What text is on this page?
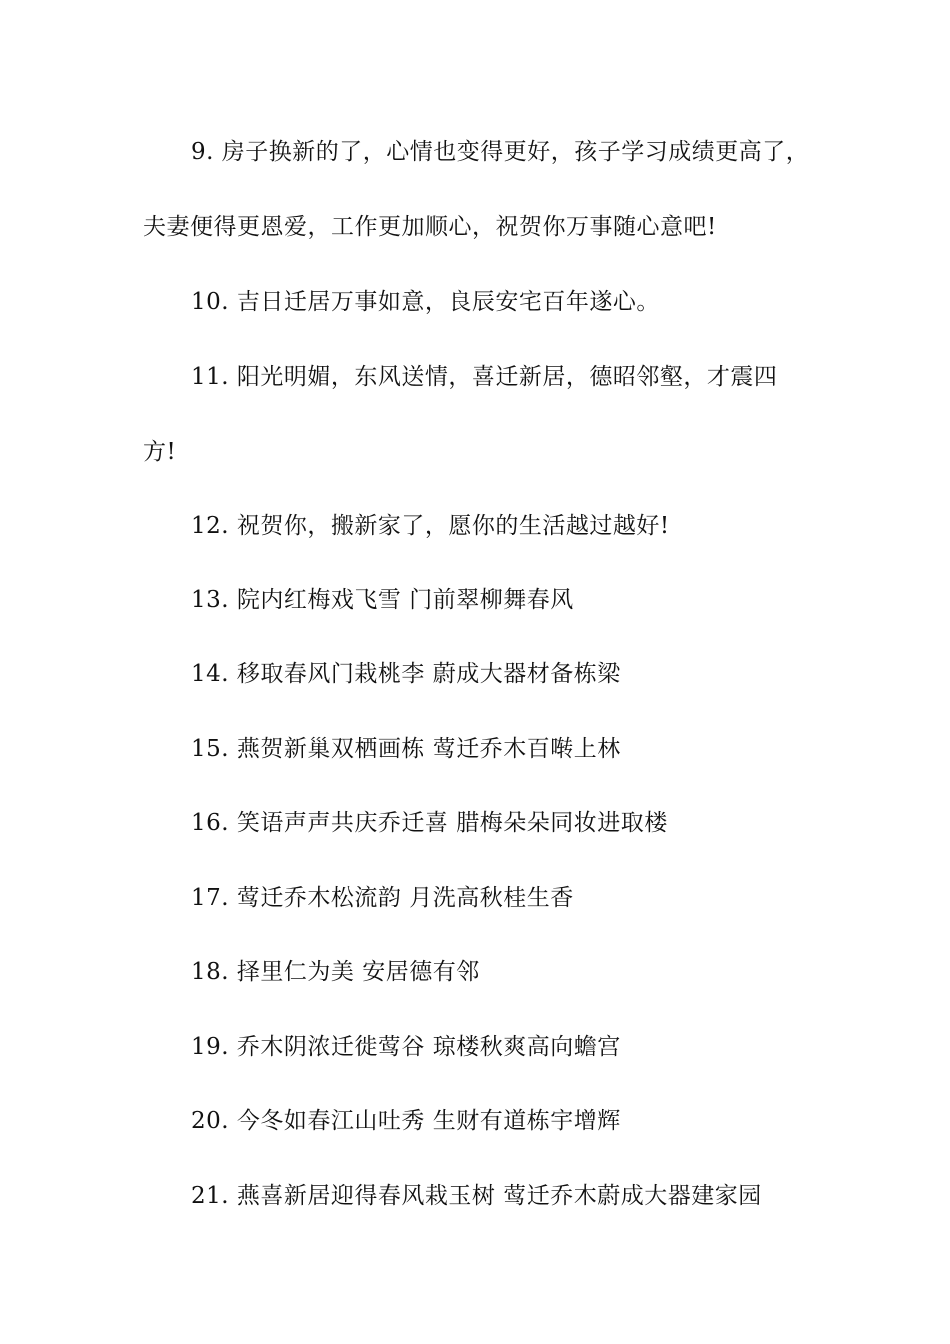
9. 房子换新的了，心情也变得更好，孩子学习成绩更高了，
夫妻便得更恩爱，工作更加顺心，祝贺你万事随心意吧!
10. 吉日迁居万事如意，良辰安宅百年遂心。
11. 阳光明媚，东风送情，喜迁新居，德昭邻壑，才震四
方!
12. 祝贺你，搬新家了，愿你的生活越过越好!
13. 院内红梅戏飞雪 门前翠柳舞春风
14. 移取春风门栽桃李 蔚成大器材备栋梁
15. 燕贺新巢双栖画栋 莺迁乔木百啭上林
16. 笑语声声共庆乔迁喜 腊梅朵朵同妆进取楼
17. 莺迁乔木松流韵 月洗高秋桂生香
18. 择里仁为美 安居德有邻
19. 乔木阴浓迁徙莺谷 琼楼秋爽高向蟾宫
20. 今冬如春江山吐秀 生财有道栋宇增辉
21. 燕喜新居迎得春风栽玉树 莺迁乔木蔚成大器建家园
